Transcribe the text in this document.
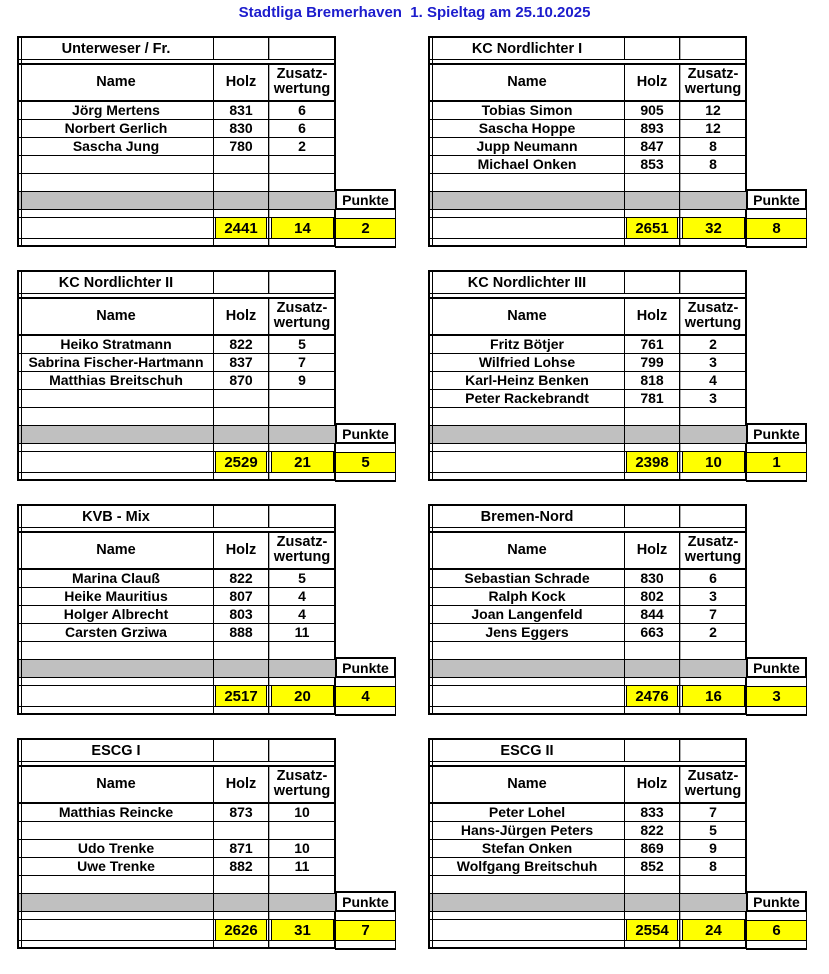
Stadtliga Bremerhaven  1. Spieltag am 25.10.2025
Unterweser / Fr.
Name	Holz	Zusatz-
wertung
Jörg Mertens	831	6
Norbert Gerlich	830	6
Sascha Jung	780	2
Punkte
2441	14	2
KC Nordlichter I
Name	Holz	Zusatz-
wertung
Tobias Simon	905	12
Sascha Hoppe	893	12
Jupp Neumann	847	8
Michael Onken	853	8
Punkte
2651	32	8
KC Nordlichter II
Name	Holz	Zusatz-
wertung
Heiko Stratmann	822	5
Sabrina Fischer-Hartmann	837	7
Matthias Breitschuh	870	9
Punkte
2529	21	5
KC Nordlichter III
Name	Holz	Zusatz-
wertung
Fritz Bötjer	761	2
Wilfried Lohse	799	3
Karl-Heinz Benken	818	4
Peter Rackebrandt	781	3
Punkte
2398	10	1
KVB - Mix
Name	Holz	Zusatz-
wertung
Marina Clauß	822	5
Heike Mauritius	807	4
Holger Albrecht	803	4
Carsten Grziwa	888	11
Punkte
2517	20	4
Bremen-Nord
Name	Holz	Zusatz-
wertung
Sebastian Schrade	830	6
Ralph Kock	802	3
Joan Langenfeld	844	7
Jens Eggers	663	2
Punkte
2476	16	3
ESCG I
Name	Holz	Zusatz-
wertung
Matthias Reincke	873	10
Udo Trenke	871	10
Uwe Trenke	882	11
Punkte
2626	31	7
ESCG II
Name	Holz	Zusatz-
wertung
Peter Lohel	833	7
Hans-Jürgen Peters	822	5
Stefan Onken	869	9
Wolfgang Breitschuh	852	8
Punkte
2554	24	6
